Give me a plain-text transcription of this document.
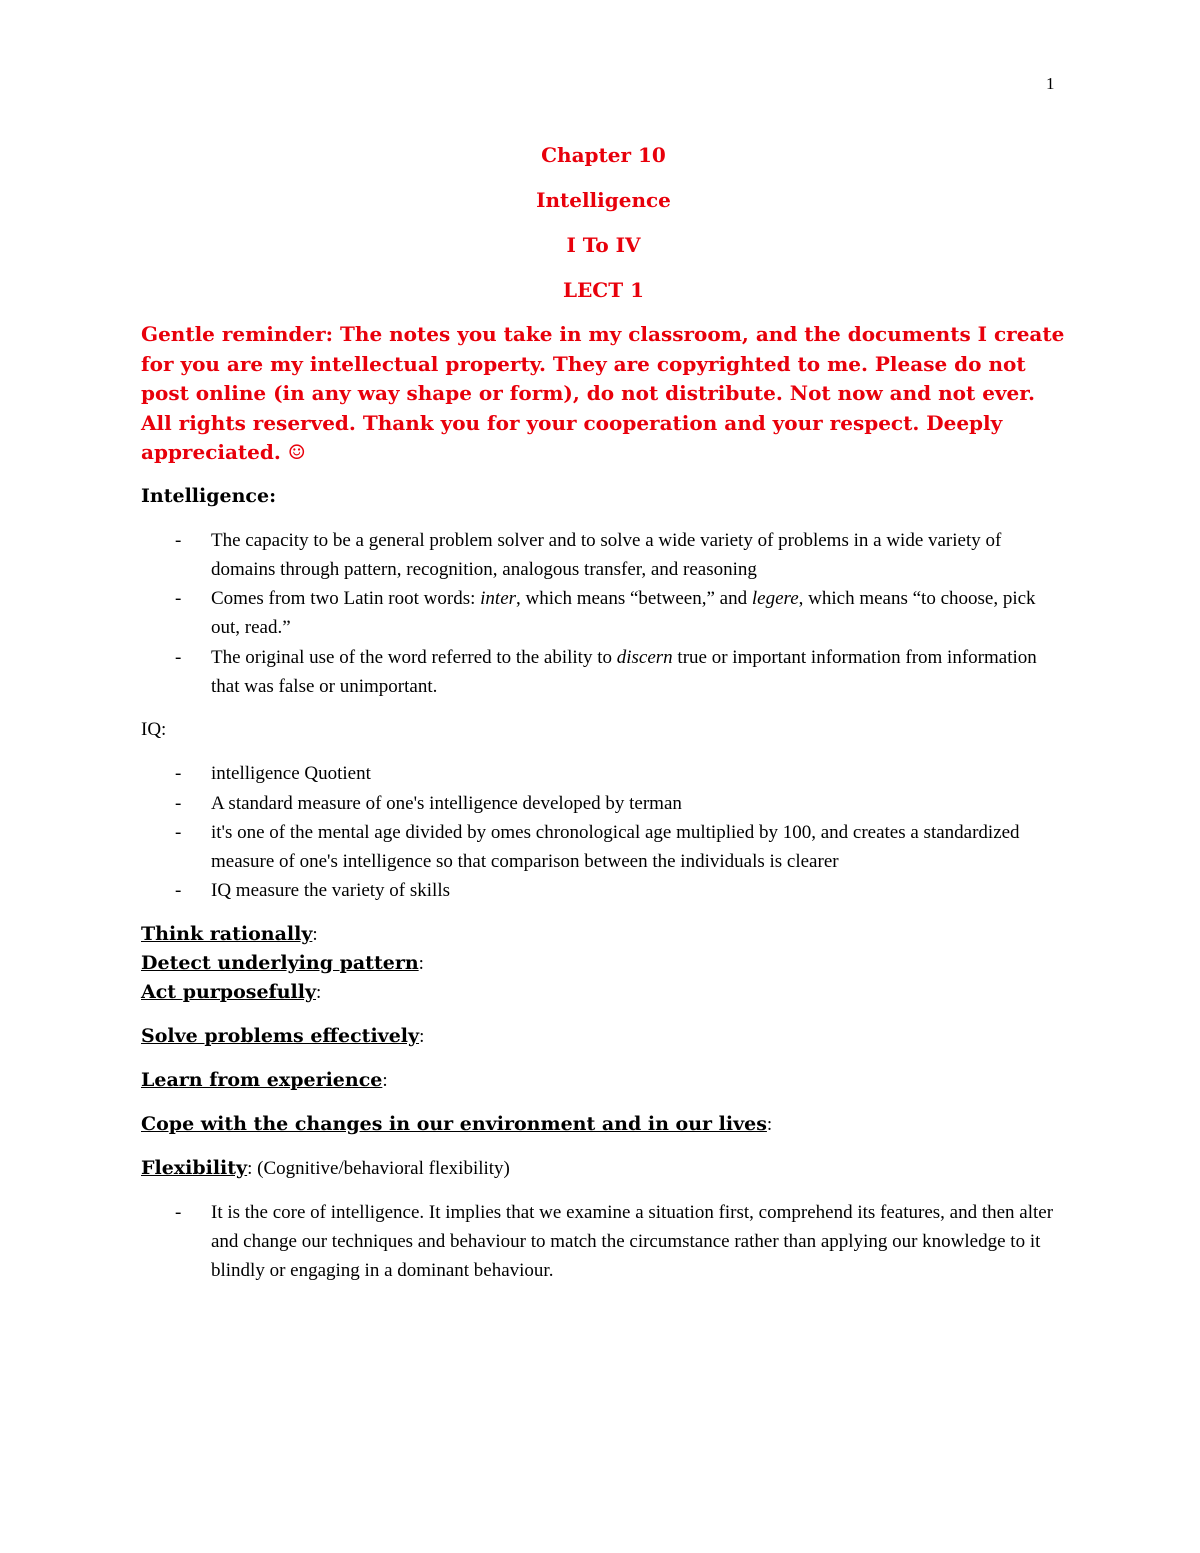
1
Chapter 10
Intelligence
I To IV
LECT 1

Gentle reminder: The notes you take in my classroom, and the documents I create for you are my intellectual property. They are copyrighted to me. Please do not post online (in any way shape or form), do not distribute. Not now and not ever. All rights reserved. Thank you for your cooperation and your respect. Deeply appreciated. ☺

Intelligence:

- The capacity to be a general problem solver and to solve a wide variety of problems in a wide variety of domains through pattern, recognition, analogous transfer, and reasoning
- Comes from two Latin root words: inter, which means “between,” and legere, which means “to choose, pick out, read.”
- The original use of the word referred to the ability to discern true or important information from information that was false or unimportant.

IQ:

- intelligence Quotient
- A standard measure of one's intelligence developed by terman
- it's one of the mental age divided by omes chronological age multiplied by 100, and creates a standardized measure of one's intelligence so that comparison between the individuals is clearer
- IQ measure the variety of skills

Think rationally:

Detect underlying pattern:

Act purposefully:

Solve problems effectively:

Learn from experience:

Cope with the changes in our environment and in our lives:

Flexibility: (Cognitive/behavioral flexibility)

- It is the core of intelligence. It implies that we examine a situation first, comprehend its features, and then alter and change our techniques and behaviour to match the circumstance rather than applying our knowledge to it blindly or engaging in a dominant behaviour.
